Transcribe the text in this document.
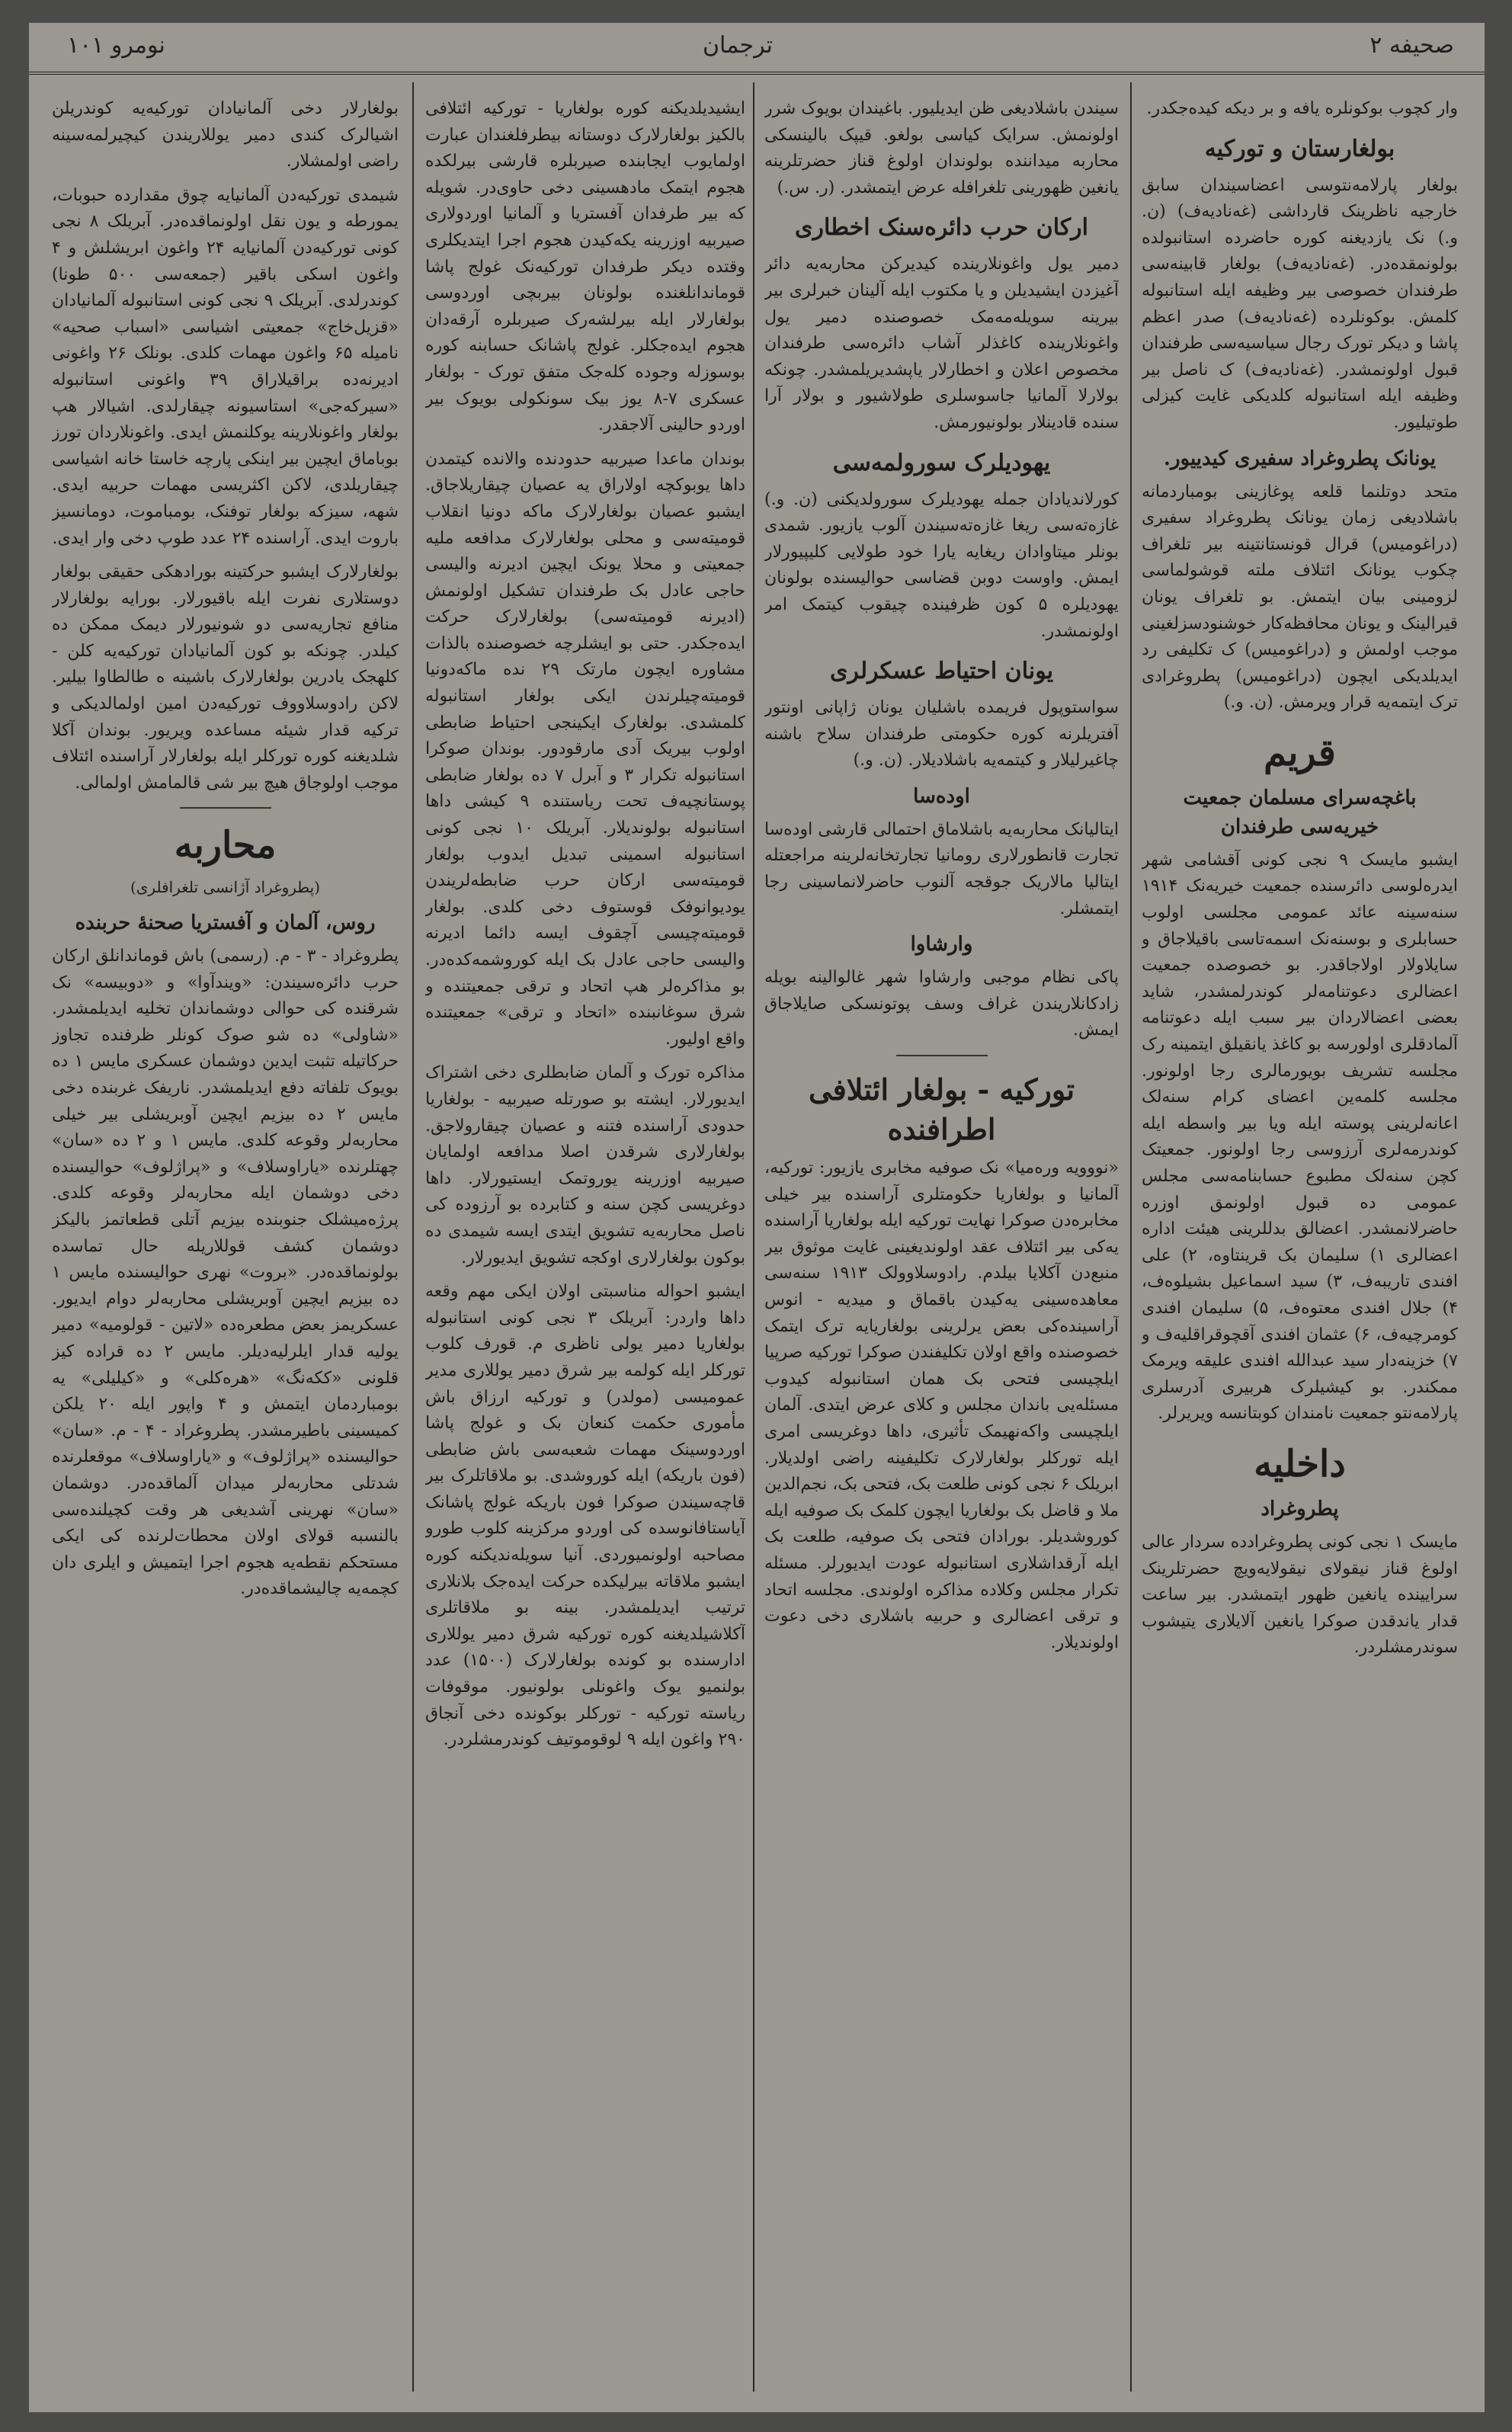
صحیفه ۲
ترجمان
نومرو ۱۰۱

وار کچوب بوکونلره یافه و بر دیکه کیده‌جکدر.

بولغارستان و تورکیه

بولغار پارلامه‌نتوسی اعضاسیندان سابق خارجیه ناظرینک قارداشی (غه‌نادیه‌ف) (ن. و.) نک یازدیغنه کوره حاضرده استانبولده بولونمقده‌در. (غه‌نادیه‌ف) بولغار قابینه‌سی طرفندان خصوصی بیر وظیفه ایله استانبوله کلمش. بوکونلرده (غه‌نادیه‌ف) صدر اعظم پاشا و دیکر تورک رجال سیاسیه‌سی طرفندان قبول اولونمشدر. (غه‌نادیه‌ف) ک ناصل بیر وظیفه ایله استانبوله کلدیکی غایت کیزلی طوتیلیور.

یونانک پطروغراد سفیری کیدییور.

متحد دوتلنما قلعه پوغازینی بومباردمانه باشلادیغی زمان یونانک پطروغراد سفیری (دراغومیس) قرال قونستانتینه بیر تلغراف چکوب یونانک ائتلاف ملته قوشولماسی لزومینی بیان ایتمش. بو تلغراف یونان قیرالینک و یونان محافظه‌کار خوشنودسزلغینی موجب اولمش و (دراغومیس) ک تکلیفی رد ایدیلدیکی ایچون (دراغومیس) پطروغرادی ترک ایتمه‌یه قرار ویرمش. (ن. و.)

قریم
باغچه‌سرای مسلمان جمعیت خیریه‌سی طرفندان

ایشبو مایسک ۹ نجی کونی آقشامی شهر ایدره‌لوسی دائرسنده جمعیت خیریه‌نک ۱۹۱۴ سنه‌سینه عائد عمومی مجلسی اولوب حسابلری و بوسنه‌نک اسمه‌تاسی باقیلاجاق و سایلاولار اولاجاقدر. بو خصوصده جمعیت اعضالری دعوتنامه‌لر کوندرلمشدر، شاید بعضی اعضالاردان بیر سبب ایله دعوتنامه آلمادقلری اولورسه بو کاغذ یانقیلق ایتمینه رک مجلسه تشریف بویورمالری رجا اولونور. مجلسه کلمه‌ین اعضای کرام سنه‌لک اعانه‌لرینی پوسته ایله ویا بیر واسطه ایله کوندرمه‌لری آرزوسی رجا اولونور. جمعیتک کچن سنه‌لک مطبوع حسابنامه‌سی مجلس عمومی ده قبول اولونمق اوزره حاضرلانمشدر. اعضالق بدللرینی هیئت اداره اعضالری ۱) سلیمان بک قرینتاوه، ۲) علی افندی تاریبه‌ف، ۳) سید اسماعیل بشیلوه‌ف، ۴) جلال افندی معتوه‌ف، ۵) سلیمان افندی کومرچیه‌ف، ۶) عثمان افندی آقچوقراقلیه‌ف و ۷) خزینه‌دار سید عبدالله افندی علیقه ویرمک ممکندر. بو کیشیلرک هربیری آدرسلری پارلامه‌نتو جمعیت نامندان کوبتانسه ویریرلر.

داخلیه
پطروغراد

مایسک ۱ نجی کونی پطروغرادده سردار عالی اولوغ قناز نیقولای نیقولایه‌ویچ حضرتلرینک سرایینده یانغین ظهور ایتمشدر. بیر ساعت قدار یاندقدن صوکرا یانغین آلایلاری یتیشوب سوندرمشلردر.

سیندن باشلادیغی ظن ایدیلیور. باغیندان بویوک شرر اولونمش. سرایک کیاسی بولغو. قیپک بالینسکی محاربه میداننده بولوندان اولوغ قناز حضرتلرینه یانغین ظهورینی تلغرافله عرض ایتمشدر. (ر. س.)

ارکان حرب دائره‌سنک اخطاری

دمیر یول واغونلارینده کیدیرکن محاربه‌یه دائر آغیزدن ایشیدیلن و یا مکتوب ایله آلینان خبرلری بیر بیرینه سویله‌مه‌مک خصوصنده دمیر یول واغونلارینده کاغذلر آشاب دائره‌سی طرفندان مخصوص اعلان و اخطارلار یاپشدیریلمشدر. چونکه بولارلا آلمانیا جاسوسلری طولاشیور و بولار آرا سنده قادینلار بولونیورمش.

یهودیلرک سورولمه‌سی

کورلاندیادان جمله یهودیلرک سورولدیکنی (ن. و.) غازه‌ته‌سی ریغا غازه‌ته‌سیندن آلوب یازیور. شمدی بونلر میتاوادان ریغایه یارا خود طولایی کلیپیورلار ایمش. واوست دوبن قضاسی حوالیسنده بولونان یهودیلره ۵ کون ظرفینده چیقوب کیتمک امر اولونمشدر.

یونان احتیاط عسکرلری

سواستوپول فریمده باشلیان یونان ژاپانی اونتور آفتریلرنه کوره حکومتی طرفندان سلاح باشنه چاغیرلیلار و کیتمه‌یه باشلادیلار. (ن. و.)

اوده‌سا

ایتالیانک محاربه‌یه باشلاماق احتمالی قارشی اوده‌سا تجارت قانطورلاری رومانیا تجارتخانه‌لرینه مراجعتله ایتالیا مالاریک جوقجه آلنوب حاضرلانماسینی رجا ایتمشلر.

وارشاوا

پاکی نظام موجبی وارشاوا شهر غالوالینه بویله زادکانلاریندن غراف وسف پوتونسکی صایلاجاق ایمش.

تورکیه - بولغار ائتلافی اطرافنده

«نووویه وره‌میا» نک صوفیه مخابری یازیور: تورکیه، آلمانیا و بولغاریا حکومتلری آراسنده بیر خیلی مخابره‌دن صوکرا نهایت تورکیه ایله بولغاریا آراسنده یه‌کی بیر ائتلاف عقد اولوندیغینی غایت موثوق بیر منبع‌دن آکلایا بیلدم. رادوسلاوولک ۱۹۱۳ سنه‌سی معاهده‌سینی یه‌کیدن باقماق و میدیه - انوس آراسینده‌کی بعض یرلرینی بولغاریایه ترک ایتمک خصوصنده واقع اولان تکلیفندن صوکرا تورکیه صرپیا ایلچیسی فتحی بک همان استانبوله کیدوب مسئله‌یی باندان مجلس و کلای عرض ایتدی. آلمان ایلچیسی واکه‌نهیمک تأثیری، داها دوغریسی امری ایله تورکلر بولغارلارک تکلیفینه راضی اولدیلار. ابریلک ۶ نجی کونی طلعت بک، فتحی بک، نجم‌الدین ملا و قاضل بک بولغاریا ایچون کلمک بک صوفیه ایله کوروشدیلر. بورادان فتحی بک صوفیه، طلعت بک ایله آرقداشلاری استانبوله عودت ایدیورلر. مسئله تکرار مجلس وکلاده مذاکره اولوندی. مجلسه اتحاد و ترقی اعضالری و حربیه باشلاری دخی دعوت اولوندیلار.

ایشیدیلدیکنه کوره بولغاریا - تورکیه ائتلافی بالکیز بولغارلارک دوستانه بیطرفلغندان عبارت اولمایوب ایجابنده صیربلره قارشی بیرلکده هجوم ایتمک مادهسینی دخی حاوی‌در. شویله که بیر طرفدان آفستریا و آلمانیا اوردولاری صیربیه اوزرینه یکه‌کیدن هجوم اجرا ایتدیکلری وقتده دیکر طرفدان تورکیه‌نک غولج پاشا قوماندانلغنده بولونان بیربچی اوردوسی بولغارلار ایله بیرلشه‌رک صیربلره آرقه‌دان هجوم ایده‌جکلر. غولج پاشانک حسابنه کوره بوسوزله وجوده کله‌جک متفق تورک - بولغار عسکری ۷-۸ یوز بیک سونکولی بویوک بیر اوردو حالینی آلاجقدر.

بوندان ماعدا صیربیه حدودنده والانده کیتمدن داها یوبوکچه اولاراق یه عصیان چیقاریلاجاق. ایشبو عصیان بولغارلارک ماکه دونیا انقلاب قومیته‌سی و محلی بولغارلارک مدافعه ملیه جمعیتی و محلا یونک ایچین ادیرنه والیسی حاجی عادل بک طرفندان تشکیل اولونمش (ادیرنه قومیته‌سی) بولغارلارک حرکت ایده‌جکدر. حتی بو ایشلرچه خصوصنده بالذات مشاوره ایچون مارتک ۲۹ نده ماکه‌دونیا قومیته‌چیلرندن ایکی بولغار استانبوله کلمشدی. بولغارک ایکینجی احتیاط ضابطی اولوب بیریک آدی مارقودور. بوندان صوکرا استانبوله تکرار ۳ و آبرل ۷ ده بولغار ضابطی پوستانچیه‌ف تحت ریاستنده ۹ کیشی داها استانبوله بولوندیلار. آبریلک ۱۰ نجی کونی استانبوله اسمینی تبدیل ایدوب بولغار قومیته‌سی ارکان حرب ضابطه‌لریندن یودیوانوفک قوستوف دخی کلدی. بولغار قومیته‌چیسی آچقوف ایسه دائما ادیرنه والیسی حاجی عادل بک ایله کوروشمه‌کده‌در. بو مذاکره‌لر هپ اتحاد و ترقی جمعیتنده و شرق سوغانبنده «اتحاد و ترقی» جمعیتنده واقع اولیور.

مذاکره تورک و آلمان ضابطلری دخی اشتراک ایدیورلار. ایشته بو صورتله صیربیه - بولغاریا حدودی آراسنده فتنه و عصیان چیقارولاجق. بولغارلاری شرقدن اصلا مدافعه اولمایان صیربیه اوزرینه یوروتمک ایستیورلار. داها دوغریسی کچن سنه و کتابرده بو آرزوده کی ناصل محاربه‌یه تشویق ایتدی ایسه شیمدی ده بوکون بولغارلاری اوکجه تشویق ایدیورلار.

ایشبو احواله مناسبتی اولان ایکی مهم وقعه داها واردر: آبریلک ۳ نجی کونی استانبوله بولغاریا دمیر یولی ناظری م. قورف کلوب تورکلر ایله کولمه بیر شرق دمیر یوللاری مدیر عمومیسی (مولدر) و تورکیه ارزاق باش مأموری حکمت کنعان بک و غولج پاشا اوردوسینک مهمات شعبه‌سی باش ضابطی (فون باریکه) ایله کوروشدی. بو ملاقاتلرک بیر قاچه‌سیندن صوکرا فون باریکه غولج پاشانک آیاستافانوسده کی اوردو مرکزینه کلوب طورو مصاحبه اولونمیوردی. آنیا سویله‌ندیکنه کوره ایشبو ملاقاته بیرلیکده حرکت ایده‌جک بلانلاری ترتیب ایدیلمشدر. بینه بو ملاقاتلری آکلاشیلدیغنه کوره تورکیه شرق دمیر یوللاری ادارسنده بو کونده بولغارلارک (۱۵۰۰) عدد بولنمیو یوک واغونلی بولونیور. موقوفات ریاسته تورکیه - تورکلر بوکونده دخی آنجاق ۲۹۰ واغون ایله ۹ لوقوموتیف کوندرمشلردر.

بولغارلار دخی آلمانیادان تورکیه‌یه کوندریلن اشیالرک کندی دمیر یوللاریندن کیچیرلمه‌سینه راضی اولمشلار.

شیمدی تورکیه‌دن آلمانیایه چوق مقدارده حبوبات، یمورطه و یون نقل اولونماقده‌در. آبریلک ۸ نجی کونی تورکیه‌دن آلمانیایه ۲۴ واغون ابریشلش و ۴ واغون اسکی باقیر (جمعه‌سی ۵۰۰ طونا) کوندرلدی. آبریلک ۹ نجی کونی استانبوله آلمانیادان «قزیل‌خاج» جمعیتی اشیاسی «اسباب صحیه» نامیله ۶۵ واغون مهمات کلدی. بونلک ۲۶ واغونی ادیرنه‌ده براقیلاراق ۳۹ واغونی استانبوله «سیرکه‌جی» استاسیونه چیقارلدی. اشیالار هپ بولغار واغونلارینه یوکلنمش ایدی. واغونلاردان تورز بوباماق ایچین بیر اینکی پارچه خاستا خانه اشیاسی چیقاریلدی، لاکن اکثریسی مهمات حربیه ایدی. شهه، سیزکه بولغار توفنک، بومباموت، دومانسیز باروت ایدی. آراسنده ۲۴ عدد طوپ دخی وار ایدی.

بولغارلارک ایشبو حرکتینه بورادهکی حقیقی بولغار دوستلاری نفرت ایله باقیورلار. بورایه بولغارلار منافع تجاریه‌سی دو شونیورلار دیمک ممکن ده کیلدر. چونکه بو کون آلمانیادان تورکیه‌یه کلن - کلهجک یادرین بولغارلارک باشینه ه طالطاوا بیلیر. لاکن رادوسلاووف تورکیه‌دن امین اولمالدیکی و ترکیه قدار شیئه مساعده ویریور. بوندان آکلا شلدیغنه کوره تورکلر ایله بولغارلار آراسنده ائتلاف موجب اولوجاق هیچ بیر شی قالمامش اولمالی.

محاربه
(پطروغراد آژانسی تلغرافلری)
روس، آلمان و آفستریا صحنهٔ حربنده

پطروغراد - ۳ - م. (رسمی) باش قوماندانلق ارکان حرب دائره‌سیندن: «ویندآوا» و «دوبیسه» نک شرقنده کی حوالی دوشماندان تخلیه ایدیلمشدر. «شاولی» ده شو صوک کونلر ظرفنده تجاوز حرکاتیله تثبت ایدین دوشمان عسکری مایس ۱ ده بویوک تلفاته دفع ایدیلمشدر. ناریفک غربنده دخی مایس ۲ ده بیزیم ایچین آوبریشلی بیر خیلی محاربه‌لر وقوعه کلدی. مایس ۱ و ۲ ده «سان» چهتلرنده «یاراوسلاف» و «پراژلوف» حوالیسنده دخی دوشمان ایله محاربه‌لر وقوعه کلدی. پرژه‌میشلک جنوبنده بیزیم آتلی قطعاتمز بالیکز دوشمان کشف قوللاریله حال تماسده بولونماقده‌در. «بروت» نهری حوالیسنده مایس ۱ ده بیزیم ایچین آوبریشلی محاربه‌لر دوام ایدیور. عسکریمز بعض مطعره‌ده «لاتین - قولومیه» دمیر یولیه قدار ایلرلیه‌دیلر. مایس ۲ ده قراده کیز قلونی «ککه‌نگ» «هره‌کلی» و «کیلیلی» یه بومباردمان ایتمش و ۴ واپور ایله ۲۰ یلکن کمیسینی باطیرمشدر. پطروغراد - ۴ - م. «سان» حوالیسنده «پراژلوف» و «یاراوسلاف» موقعلرنده شدتلی محاربه‌لر میدان آلماقده‌در. دوشمان «سان» نهرینی آشدیغی هر وقت کچیلنده‌سی بالنسبه قولای اولان محطات‌لرنده کی ایکی مستحکم نقطه‌یه هجوم اجرا ایتمیش و ایلری دان کچمه‌یه چالیشماقده‌در.
